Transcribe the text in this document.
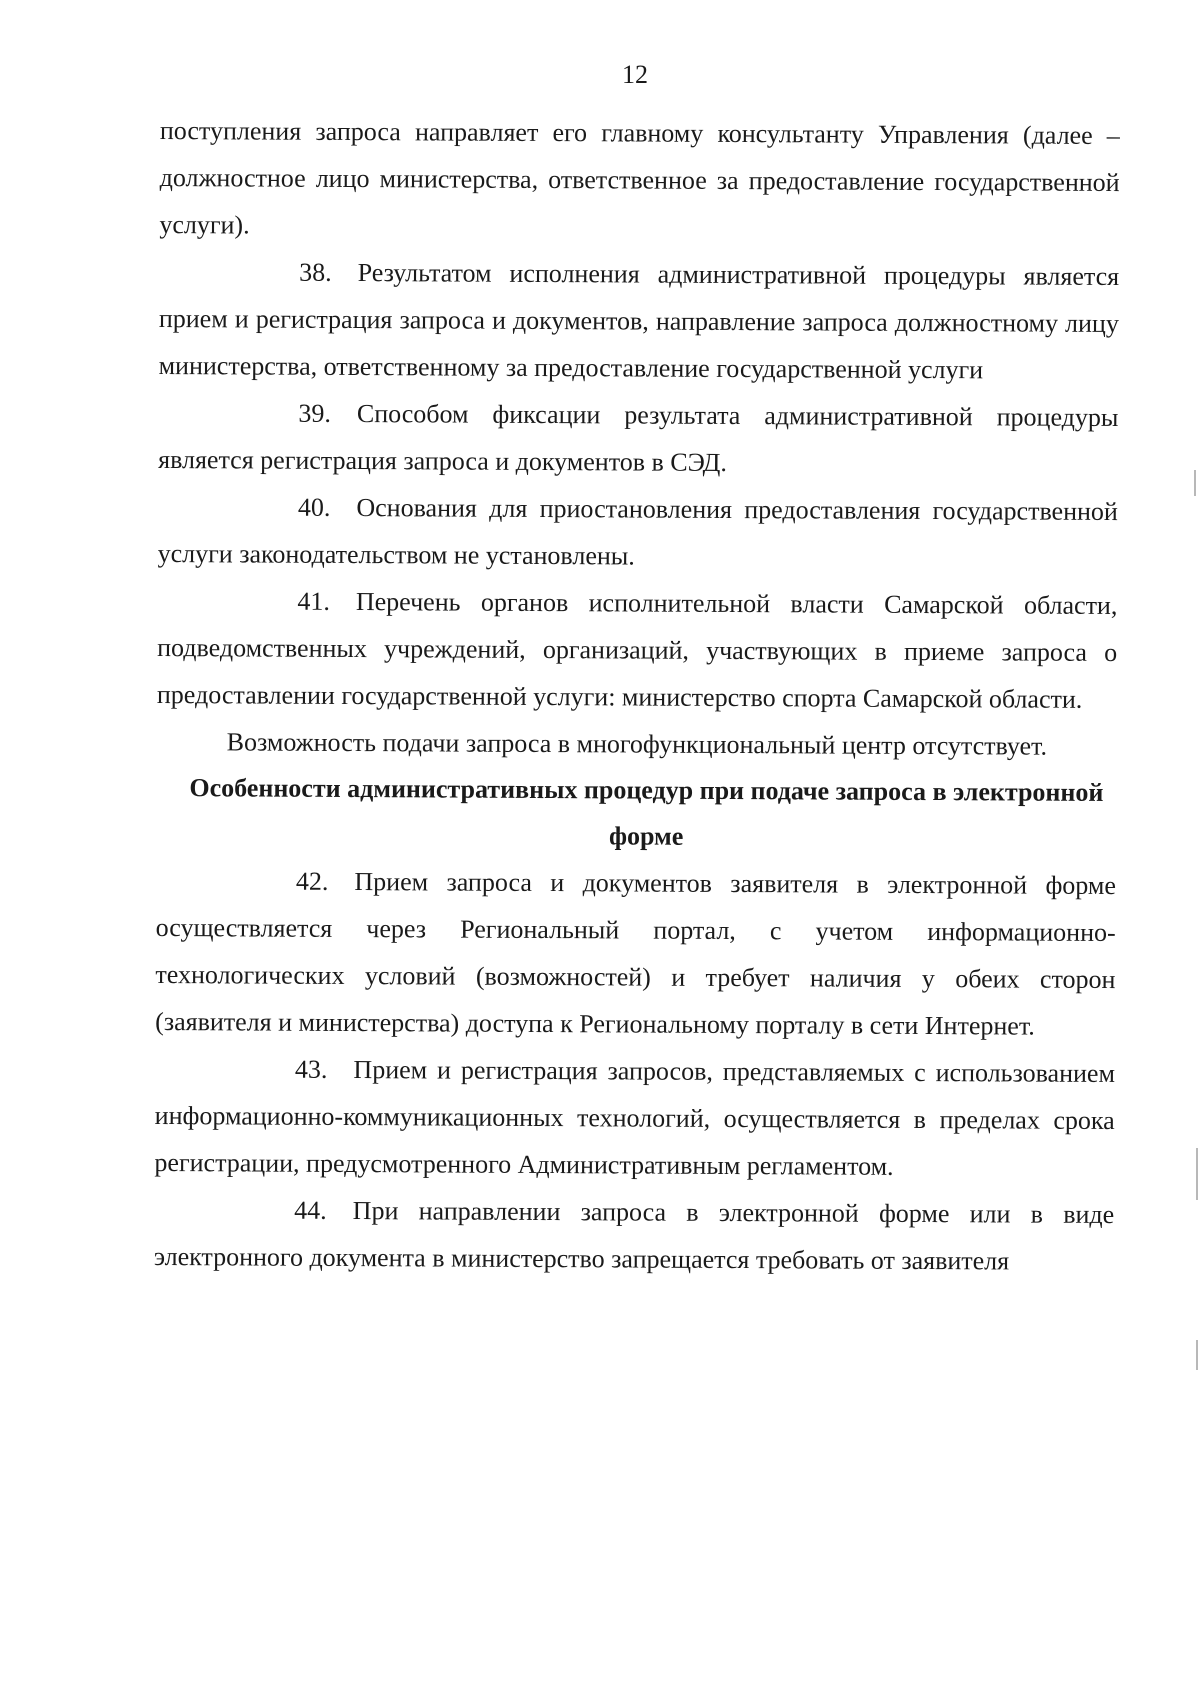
12

поступления запроса направляет его главному консультанту Управления (далее – должностное лицо министерства, ответственное за предоставление государственной услуги).

38. Результатом исполнения административной процедуры является прием и регистрация запроса и документов, направление запроса должностному лицу министерства, ответственному за предоставление государственной услуги

39. Способом фиксации результата административной процедуры является регистрация запроса и документов в СЭД.

40. Основания для приостановления предоставления государственной услуги законодательством не установлены.

41. Перечень органов исполнительной власти Самарской области, подведомственных учреждений, организаций, участвующих в приеме запроса о предоставлении государственной услуги: министерство спорта Самарской области.

Возможность подачи запроса в многофункциональный центр отсутствует.

Особенности административных процедур при подаче запроса в электронной форме

42. Прием запроса и документов заявителя в электронной форме осуществляется через Региональный портал, с учетом информационно-технологических условий (возможностей) и требует наличия у обеих сторон (заявителя и министерства) доступа к Региональному порталу в сети Интернет.

43. Прием и регистрация запросов, представляемых с использованием информационно-коммуникационных технологий, осуществляется в пределах срока регистрации, предусмотренного Административным регламентом.

44. При направлении запроса в электронной форме или в виде электронного документа в министерство запрещается требовать от заявителя
